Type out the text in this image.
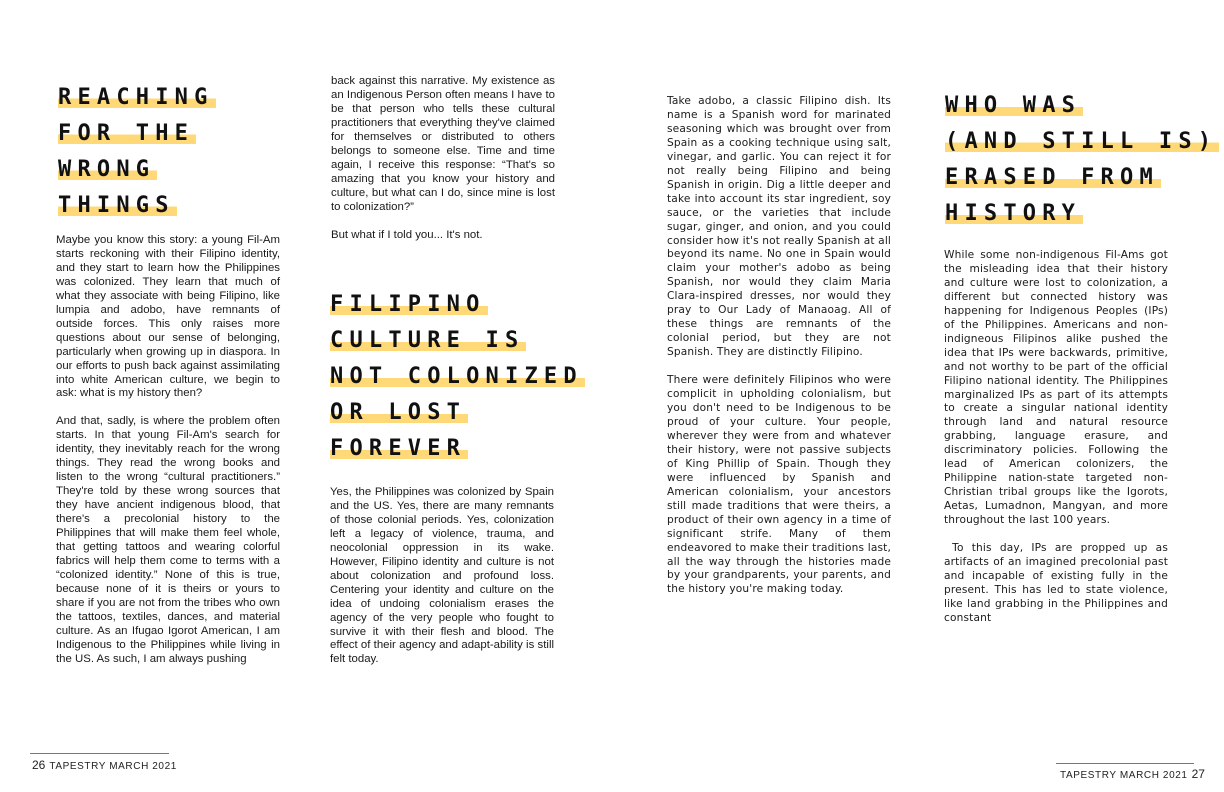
REACHING
FOR THE
WRONG
THINGS

Maybe you know this story: a young Fil-Am starts reckoning with their Filipino identity, and they start to learn how the Philippines was colonized. They learn that much of what they associate with being Filipino, like lumpia and adobo, have remnants of outside forces. This only raises more questions about our sense of belonging, particularly when growing up in diaspora. In our efforts to push back against assimilating into white American culture, we begin to ask: what is my history then?

And that, sadly, is where the problem often starts. In that young Fil-Am's search for identity, they inevitably reach for the wrong things. They read the wrong books and listen to the wrong “cultural practitioners.” They're told by these wrong sources that they have ancient indigenous blood, that there's a precolonial history to the Philippines that will make them feel whole, that getting tattoos and wearing colorful fabrics will help them come to terms with a “colonized identity.” None of this is true, because none of it is theirs or yours to share if you are not from the tribes who own the tattoos, textiles, dances, and material culture. As an Ifugao Igorot American, I am Indigenous to the Philippines while living in the US. As such, I am always pushing

back against this narrative. My existence as an Indigenous Person often means I have to be that person who tells these cultural practitioners that everything they've claimed for themselves or distributed to others belongs to someone else. Time and time again, I receive this response: “That's so amazing that you know your history and culture, but what can I do, since mine is lost to colonization?”

But what if I told you... It's not.

FILIPINO
CULTURE IS
NOT COLONIZED
OR LOST
FOREVER

Yes, the Philippines was colonized by Spain and the US. Yes, there are many remnants of those colonial periods. Yes, colonization left a legacy of violence, trauma, and neocolonial oppression in its wake. However, Filipino identity and culture is not about colonization and profound loss. Centering your identity and culture on the idea of undoing colonialism erases the agency of the very people who fought to survive it with their flesh and blood. The effect of their agency and adapt-ability is still felt today.

26 TAPESTRY MARCH 2021

Take adobo, a classic Filipino dish. Its name is a Spanish word for marinated seasoning which was brought over from Spain as a cooking technique using salt, vinegar, and garlic. You can reject it for not really being Filipino and being Spanish in origin. Dig a little deeper and take into account its star ingredient, soy sauce, or the varieties that include sugar, ginger, and onion, and you could consider how it's not really Spanish at all beyond its name. No one in Spain would claim your mother's adobo as being Spanish, nor would they claim Maria Clara-inspired dresses, nor would they pray to Our Lady of Manaoag. All of these things are remnants of the colonial period, but they are not Spanish. They are distinctly Filipino.

There were definitely Filipinos who were complicit in upholding colonialism, but you don't need to be Indigenous to be proud of your culture. Your people, wherever they were from and whatever their history, were not passive subjects of King Phillip of Spain. Though they were influenced by Spanish and American colonialism, your ancestors still made traditions that were theirs, a product of their own agency in a time of significant strife. Many of them endeavored to make their traditions last, all the way through the histories made by your grandparents, your parents, and the history you're making today.

WHO WAS
(AND STILL IS)
ERASED FROM
HISTORY

While some non-indigenous Fil-Ams got the misleading idea that their history and culture were lost to colonization, a different but connected history was happening for Indigenous Peoples (IPs) of the Philippines. Americans and non-indigneous Filipinos alike pushed the idea that IPs were backwards, primitive, and not worthy to be part of the official Filipino national identity. The Philippines marginalized IPs as part of its attempts to create a singular national identity through land and natural resource grabbing, language erasure, and discriminatory policies. Following the lead of American colonizers, the Philippine nation-state targeted non-Christian tribal groups like the Igorots, Aetas, Lumadnon, Mangyan, and more throughout the last 100 years.

To this day, IPs are propped up as artifacts of an imagined precolonial past and incapable of existing fully in the present. This has led to state violence, like land grabbing in the Philippines and constant

TAPESTRY MARCH 2021 27
